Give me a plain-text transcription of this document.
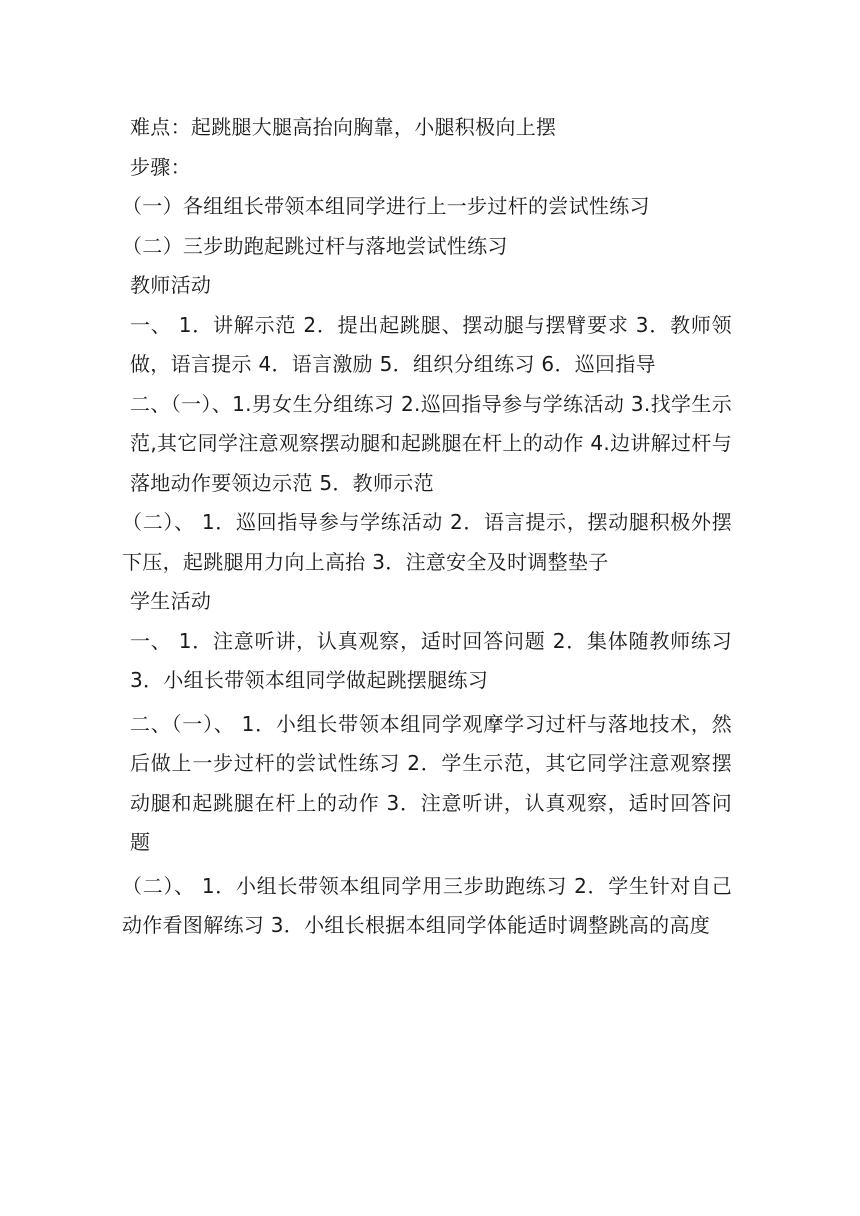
难点：起跳腿大腿高抬向胸靠，小腿积极向上摆

步骤：

（一）各组组长带领本组同学进行上一步过杆的尝试性练习

（二）三步助跑起跳过杆与落地尝试性练习

教师活动

一、 1．讲解示范 2．提出起跳腿、摆动腿与摆臂要求 3．教师领做，语言提示 4．语言激励 5．组织分组练习 6．巡回指导

二、（一）、1.男女生分组练习 2.巡回指导参与学练活动 3.找学生示范,其它同学注意观察摆动腿和起跳腿在杆上的动作 4.边讲解过杆与落地动作要领边示范 5．教师示范

（二）、 1．巡回指导参与学练活动 2．语言提示，摆动腿积极外摆下压，起跳腿用力向上高抬 3．注意安全及时调整垫子

学生活动

一、 1．注意听讲，认真观察，适时回答问题 2．集体随教师练习 3．小组长带领本组同学做起跳摆腿练习

二、（一）、 1．小组长带领本组同学观摩学习过杆与落地技术，然后做上一步过杆的尝试性练习 2．学生示范，其它同学注意观察摆动腿和起跳腿在杆上的动作 3．注意听讲，认真观察，适时回答问题

（二）、 1．小组长带领本组同学用三步助跑练习 2．学生针对自己动作看图解练习 3．小组长根据本组同学体能适时调整跳高的高度
